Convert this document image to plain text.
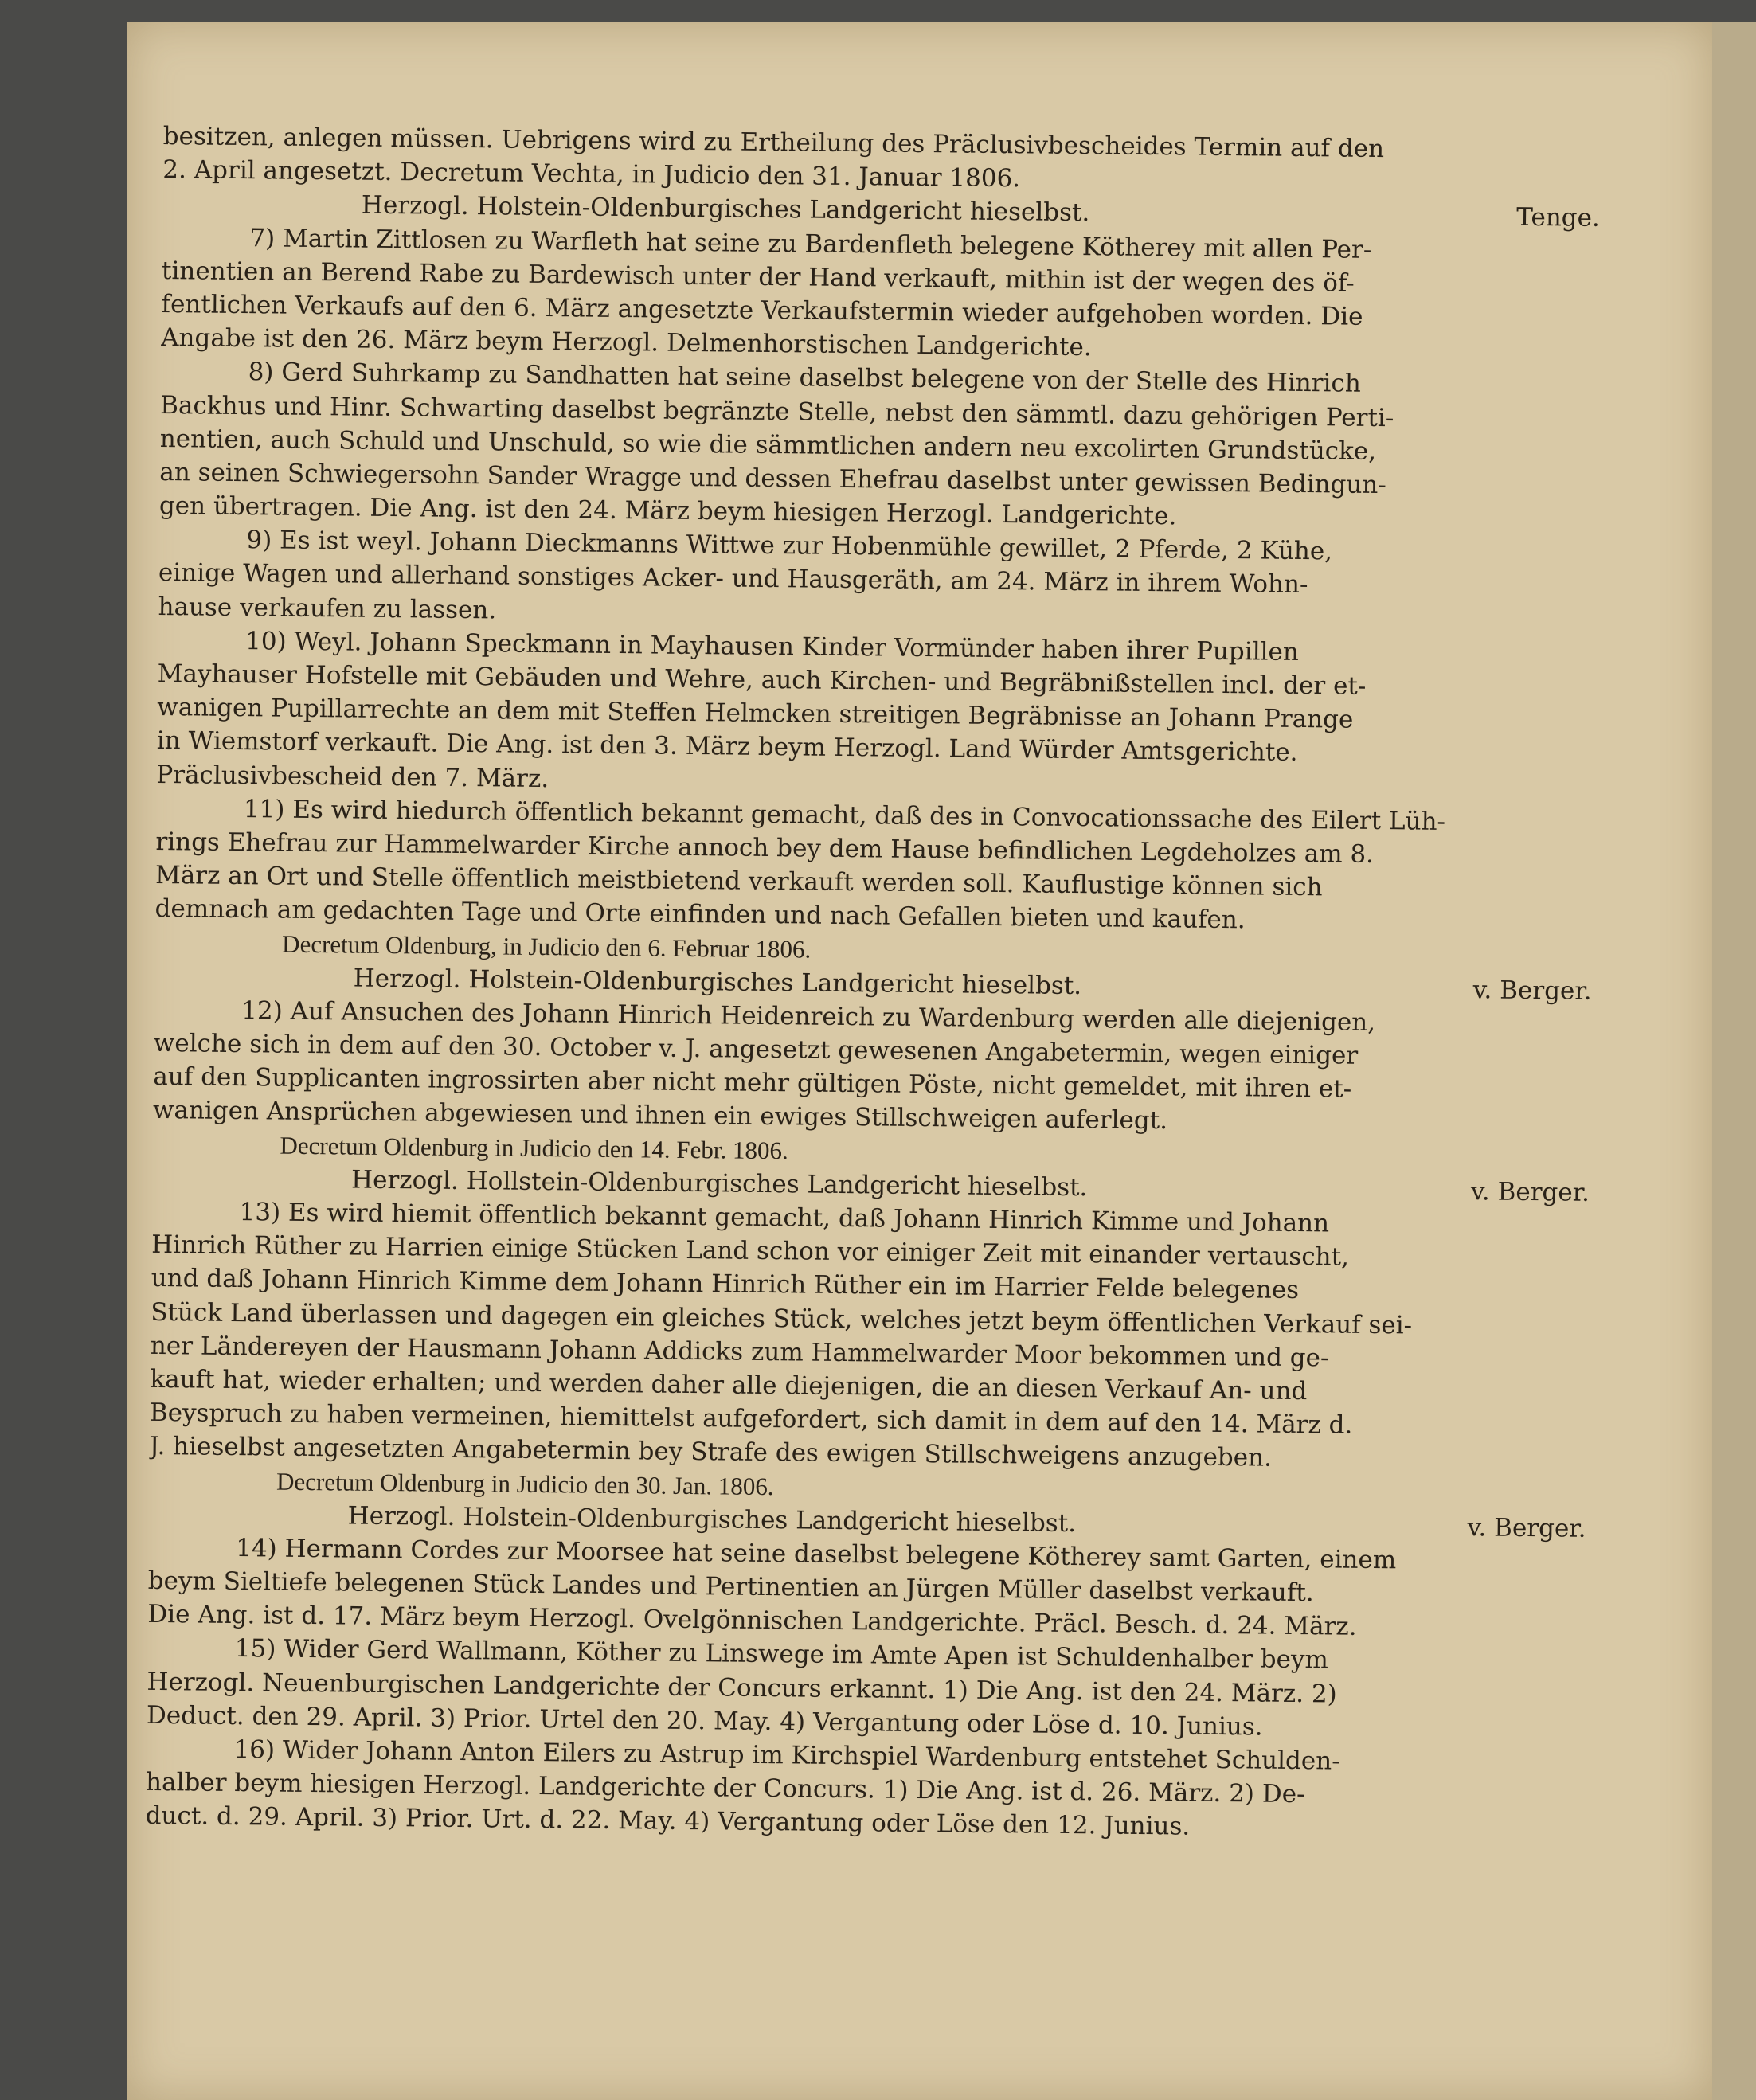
besitzen, anlegen müssen. Uebrigens wird zu Ertheilung des Präclusivbescheides Termin auf den
2. April angesetzt. Decretum Vechta, in Judicio den 31. Januar 1806.
Herzogl. Holstein-Oldenburgisches Landgericht hieselbst.	Tenge.
7) Martin Zittlosen zu Warfleth hat seine zu Bardenfleth belegene Kötherey mit allen Per-
tinentien an Berend Rabe zu Bardewisch unter der Hand verkauft, mithin ist der wegen des öf-
fentlichen Verkaufs auf den 6. März angesetzte Verkaufstermin wieder aufgehoben worden. Die
Angabe ist den 26. März beym Herzogl. Delmenhorstischen Landgerichte.
8) Gerd Suhrkamp zu Sandhatten hat seine daselbst belegene von der Stelle des Hinrich
Backhus und Hinr. Schwarting daselbst begränzte Stelle, nebst den sämmtl. dazu gehörigen Perti-
nentien, auch Schuld und Unschuld, so wie die sämmtlichen andern neu excolirten Grundstücke,
an seinen Schwiegersohn Sander Wragge und dessen Ehefrau daselbst unter gewissen Bedingun-
gen übertragen. Die Ang. ist den 24. März beym hiesigen Herzogl. Landgerichte.
9) Es ist weyl. Johann Dieckmanns Wittwe zur Hobenmühle gewillet, 2 Pferde, 2 Kühe,
einige Wagen und allerhand sonstiges Acker- und Hausgeräth, am 24. März in ihrem Wohn-
hause verkaufen zu lassen.
10) Weyl. Johann Speckmann in Mayhausen Kinder Vormünder haben ihrer Pupillen
Mayhauser Hofstelle mit Gebäuden und Wehre, auch Kirchen- und Begräbnißstellen incl. der et-
wanigen Pupillarrechte an dem mit Steffen Helmcken streitigen Begräbnisse an Johann Prange
in Wiemstorf verkauft. Die Ang. ist den 3. März beym Herzogl. Land Würder Amtsgerichte.
Präclusivbescheid den 7. März.
11) Es wird hiedurch öffentlich bekannt gemacht, daß des in Convocationssache des Eilert Lüh-
rings Ehefrau zur Hammelwarder Kirche annoch bey dem Hause befindlichen Legdeholzes am 8.
März an Ort und Stelle öffentlich meistbietend verkauft werden soll. Kauflustige können sich
demnach am gedachten Tage und Orte einfinden und nach Gefallen bieten und kaufen.
Decretum Oldenburg, in Judicio den 6. Februar 1806.
Herzogl. Holstein-Oldenburgisches Landgericht hieselbst.	v. Berger.
12) Auf Ansuchen des Johann Hinrich Heidenreich zu Wardenburg werden alle diejenigen,
welche sich in dem auf den 30. October v. J. angesetzt gewesenen Angabetermin, wegen einiger
auf den Supplicanten ingrossirten aber nicht mehr gültigen Pöste, nicht gemeldet, mit ihren et-
wanigen Ansprüchen abgewiesen und ihnen ein ewiges Stillschweigen auferlegt.
Decretum Oldenburg in Judicio den 14. Febr. 1806.
Herzogl. Hollstein-Oldenburgisches Landgericht hieselbst.	v. Berger.
13) Es wird hiemit öffentlich bekannt gemacht, daß Johann Hinrich Kimme und Johann
Hinrich Rüther zu Harrien einige Stücken Land schon vor einiger Zeit mit einander vertauscht,
und daß Johann Hinrich Kimme dem Johann Hinrich Rüther ein im Harrier Felde belegenes
Stück Land überlassen und dagegen ein gleiches Stück, welches jetzt beym öffentlichen Verkauf sei-
ner Ländereyen der Hausmann Johann Addicks zum Hammelwarder Moor bekommen und ge-
kauft hat, wieder erhalten; und werden daher alle diejenigen, die an diesen Verkauf An- und
Beyspruch zu haben vermeinen, hiemittelst aufgefordert, sich damit in dem auf den 14. März d.
J. hieselbst angesetzten Angabetermin bey Strafe des ewigen Stillschweigens anzugeben.
Decretum Oldenburg in Judicio den 30. Jan. 1806.
Herzogl. Holstein-Oldenburgisches Landgericht hieselbst.	v. Berger.
14) Hermann Cordes zur Moorsee hat seine daselbst belegene Kötherey samt Garten, einem
beym Sieltiefe belegenen Stück Landes und Pertinentien an Jürgen Müller daselbst verkauft.
Die Ang. ist d. 17. März beym Herzogl. Ovelgönnischen Landgerichte. Präcl. Besch. d. 24. März.
15) Wider Gerd Wallmann, Köther zu Linswege im Amte Apen ist Schuldenhalber beym
Herzogl. Neuenburgischen Landgerichte der Concurs erkannt. 1) Die Ang. ist den 24. März. 2)
Deduct. den 29. April. 3) Prior. Urtel den 20. May. 4) Vergantung oder Löse d. 10. Junius.
16) Wider Johann Anton Eilers zu Astrup im Kirchspiel Wardenburg entstehet Schulden-
halber beym hiesigen Herzogl. Landgerichte der Concurs. 1) Die Ang. ist d. 26. März. 2) De-
duct. d. 29. April. 3) Prior. Urt. d. 22. May. 4) Vergantung oder Löse den 12. Junius.
